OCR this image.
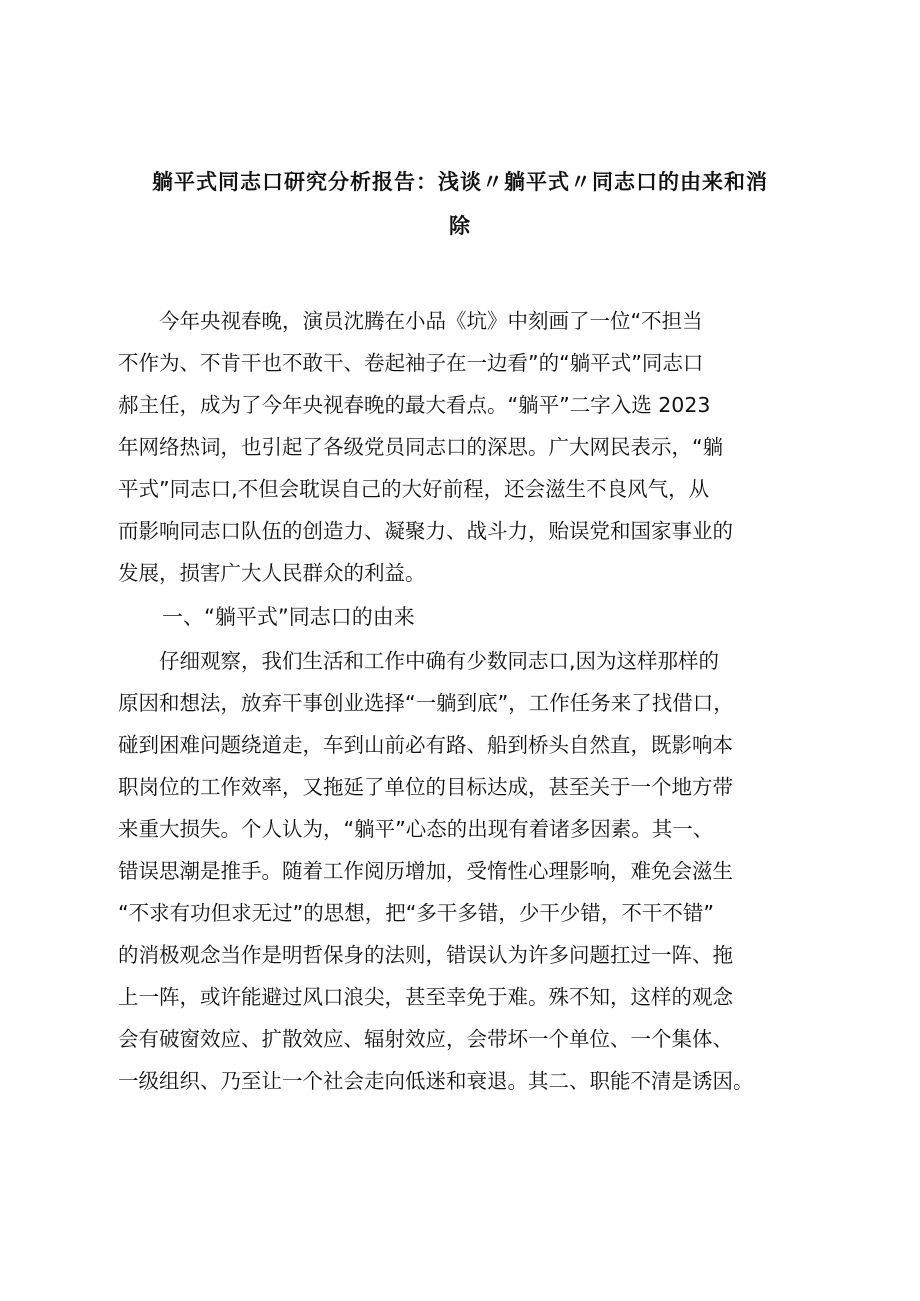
躺平式同志口研究分析报告：浅谈〃躺平式〃同志口的由来和消
除
　　今年央视春晚，演员沈腾在小品《坑》中刻画了一位“不担当
不作为、不肯干也不敢干、卷起袖子在一边看”的“躺平式”同志口
郝主任，成为了今年央视春晚的最大看点。“躺平”二字入选 2023
年网络热词，也引起了各级党员同志口的深思。广大网民表示，“躺
平式”同志口,不但会耽误自己的大好前程，还会滋生不良风气，从
而影响同志口队伍的创造力、凝聚力、战斗力，贻误党和国家事业的
发展，损害广大人民群众的利益。
一、“躺平式”同志口的由来
　　仔细观察，我们生活和工作中确有少数同志口,因为这样那样的
原因和想法，放弃干事创业选择“一躺到底”，工作任务来了找借口，
碰到困难问题绕道走，车到山前必有路、船到桥头自然直，既影响本
职岗位的工作效率，又拖延了单位的目标达成，甚至关于一个地方带
来重大损失。个人认为，“躺平”心态的出现有着诸多因素。其一、
错误思潮是推手。随着工作阅历增加，受惰性心理影响，难免会滋生
“不求有功但求无过”的思想，把“多干多错，少干少错，不干不错”
的消极观念当作是明哲保身的法则，错误认为许多问题扛过一阵、拖
上一阵，或许能避过风口浪尖，甚至幸免于难。殊不知，这样的观念
会有破窗效应、扩散效应、辐射效应，会带坏一个单位、一个集体、
一级组织、乃至让一个社会走向低迷和衰退。其二、职能不清是诱因。
